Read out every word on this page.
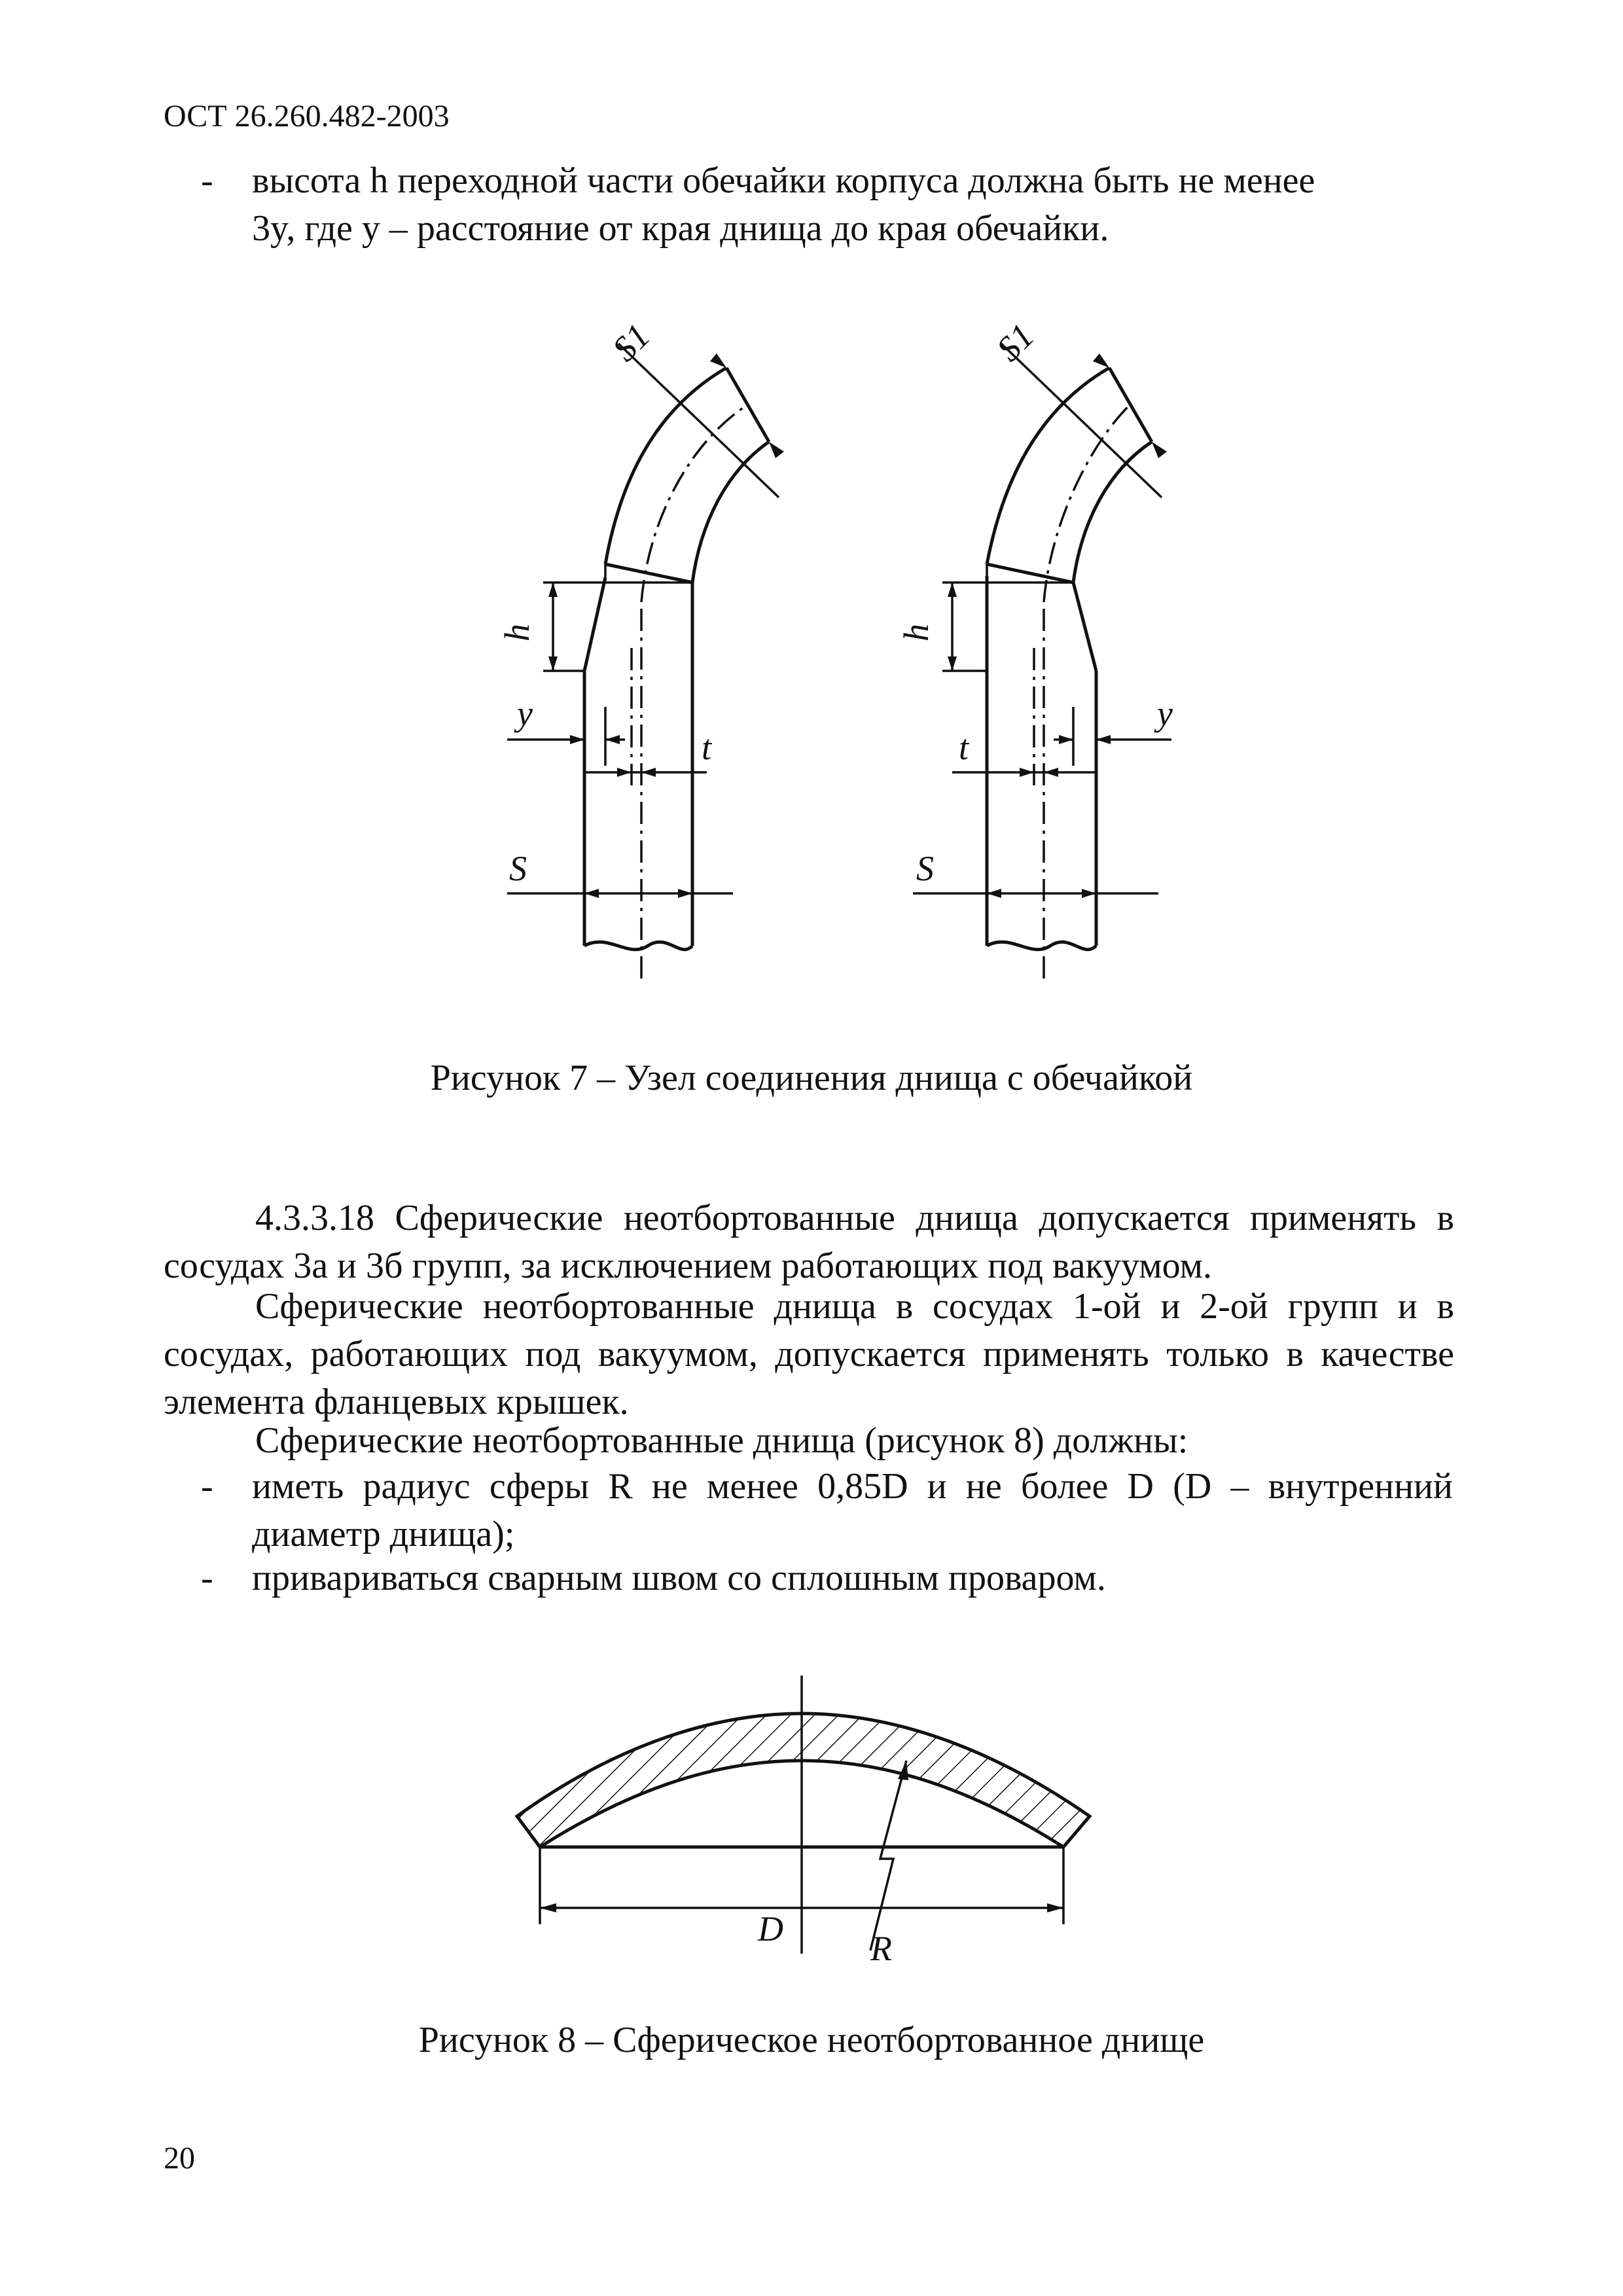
ОСТ 26.260.482-2003
- высота h переходной части обечайки корпуса должна быть не менее
3y, где y – расстояние от края днища до края обечайки.
S1
h
y
t
S
S1
h
y
t
S
Рисунок 7 – Узел соединения днища с обечайкой
4.3.3.18 Сферические неотбортованные днища допускается применять в сосудах 3а и 3б групп, за исключением работающих под вакуумом.
Сферические неотбортованные днища в сосудах 1-ой и 2-ой групп и в сосудах, работающих под вакуумом, допускается применять только в качестве элемента фланцевых крышек.
Сферические неотбортованные днища (рисунок 8) должны:
- иметь радиус сферы R не менее 0,85D и не более D (D – внутренний диаметр днища);
- привариваться сварным швом со сплошным проваром.
D R
Рисунок 8 – Сферическое неотбортованное днище
20
